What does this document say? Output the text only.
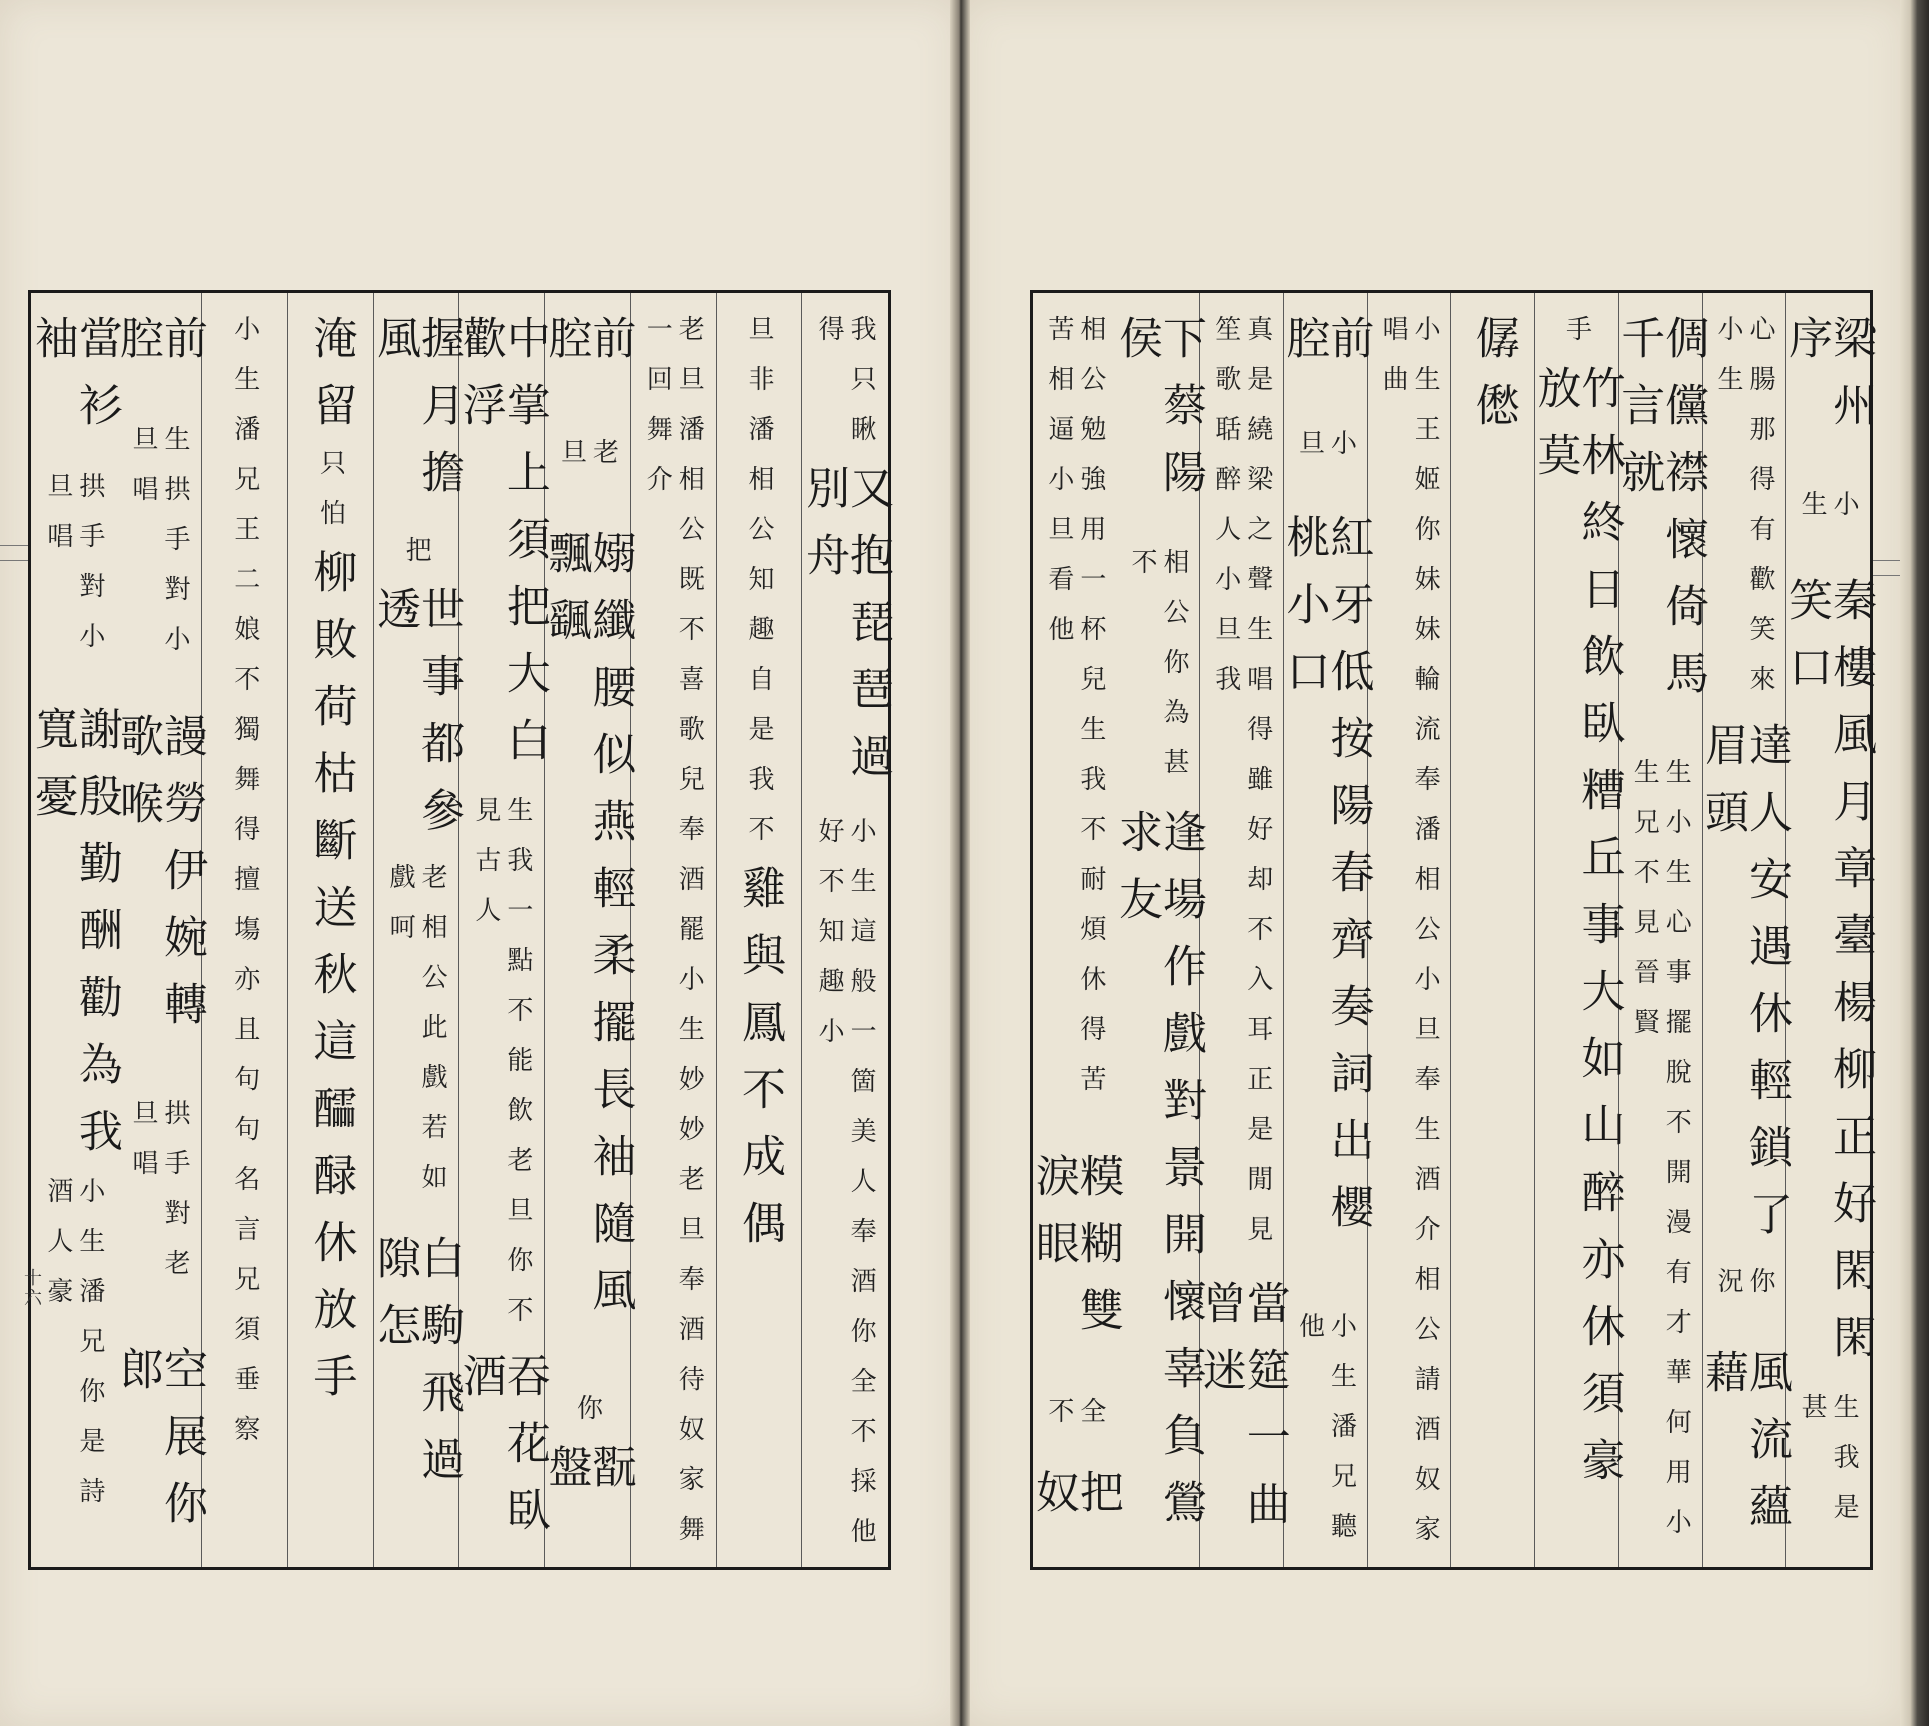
我只瞅得
又抱琵琶過別舟
小生這般一箇美人奉酒你全不採他好不知趣小
旦非潘相公知趣自是我
不
雞與鳳不成偶
老旦潘相公既不喜歌兒奉酒罷小生妙妙老旦奉酒待奴家舞一回舞介
前腔
老旦
嫋纖腰似燕輕柔擺長袖隨風飄颻
你
翫盤
中掌上須把大白歡浮
生我一點不能飲老旦你不見古人
吞花臥酒
握月擔風
把
世事都參透
老相公此戲若如戲呵
白駒飛過隙怎
淹留
只怕
柳敗荷枯斷送秋這醽醁休放手
小生潘兄王二娘不獨舞得擅塲亦且句句名言兄須垂察
前腔
生拱手對小旦唱
謾勞伊婉轉歌喉
拱手對老旦唱
空展你郎
當衫袖
拱手對小旦唱
謝殷勤酬勸為我寬憂
小生潘兄你是詩酒人豪
梁州序
小生
秦樓風月章臺楊柳正好閑閑笑口
生我是甚
心腸那得有歡笑來小生
達人安遇休輕鎖了眉頭
你況
風流蘊藉
倜儻襟懷倚馬千言就
生小生心事擺脫不開漫有才華何用小生兄不見晉賢
手
竹林終日飲臥糟丘事大如山醉亦休須豪放莫
僝僽
小生王姬你妹妹輪流奉潘相公小旦奉生酒介相公請酒奴家唱曲
前腔
小旦
紅牙低按陽春齊奏詞出櫻桃小口
小生潘兄聽他
真是繞梁之聲生唱得雖好却不入耳正是閒見笙歌聒醉人小旦我
當筵一曲曾迷
下蔡陽侯
相公你為甚不
逢場作戲對景開懷辜負鶯求友
相公勉強用一杯兒生我不耐煩休得苦苦相逼小旦看他
糢糊雙淚眼
全不
把奴
十六
